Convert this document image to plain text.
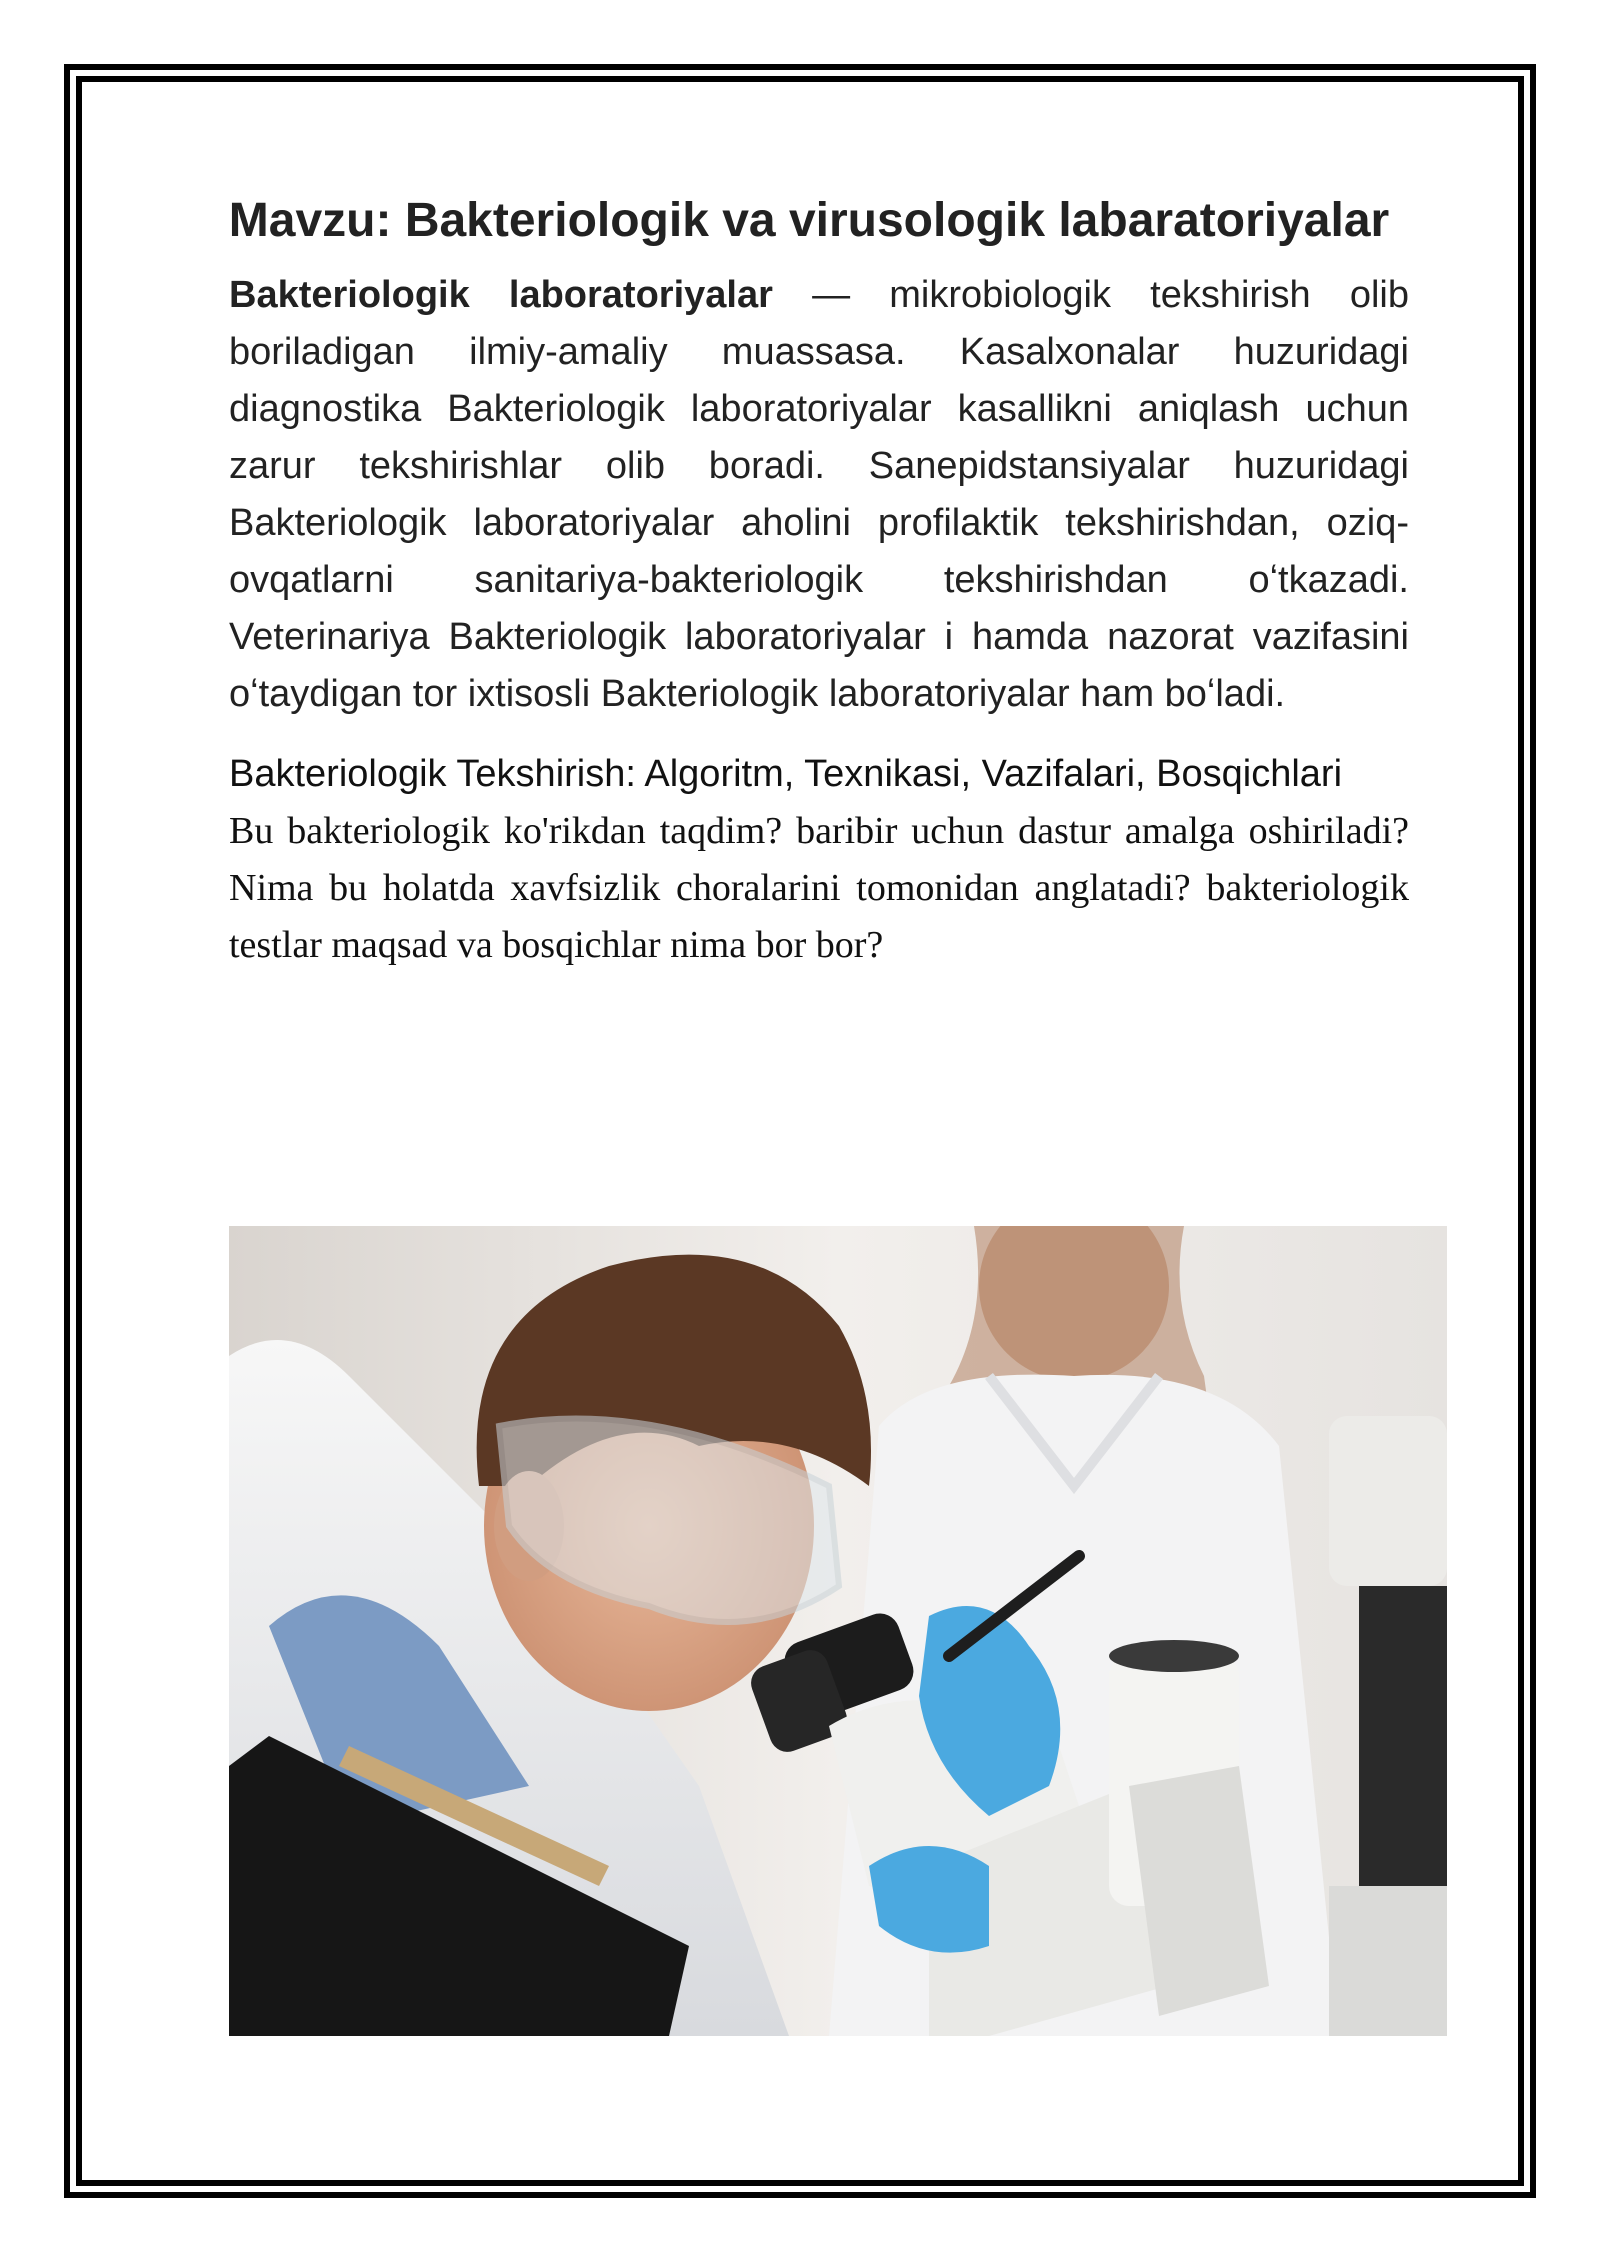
Mavzu: Bakteriologik va virusologik labaratoriyalar

Bakteriologik laboratoriyalar — mikrobiologik tekshirish olib boriladigan ilmiy-amaliy muassasa. Kasalxonalar huzuridagi diagnostika Bakteriologik laboratoriyalar kasallikni aniqlash uchun zarur tekshirishlar olib boradi. Sanepidstansiyalar huzuridagi Bakteriologik laboratoriyalar aholini profilaktik tekshirishdan, oziq-ovqatlarni sanitariya-bakteriologik tekshirishdan oʻtkazadi. Veterinariya Bakteriologik laboratoriyalar i hamda nazorat vazifasini oʻtaydigan tor ixtisosli Bakteriologik laboratoriyalar ham boʻladi.

Bakteriologik Tekshirish: Algoritm, Texnikasi, Vazifalari, Bosqichlari

Bu bakteriologik ko'rikdan taqdim? baribir uchun dastur amalga oshiriladi? Nima bu holatda xavfsizlik choralarini tomonidan anglatadi? bakteriologik testlar maqsad va bosqichlar nima bor bor?
